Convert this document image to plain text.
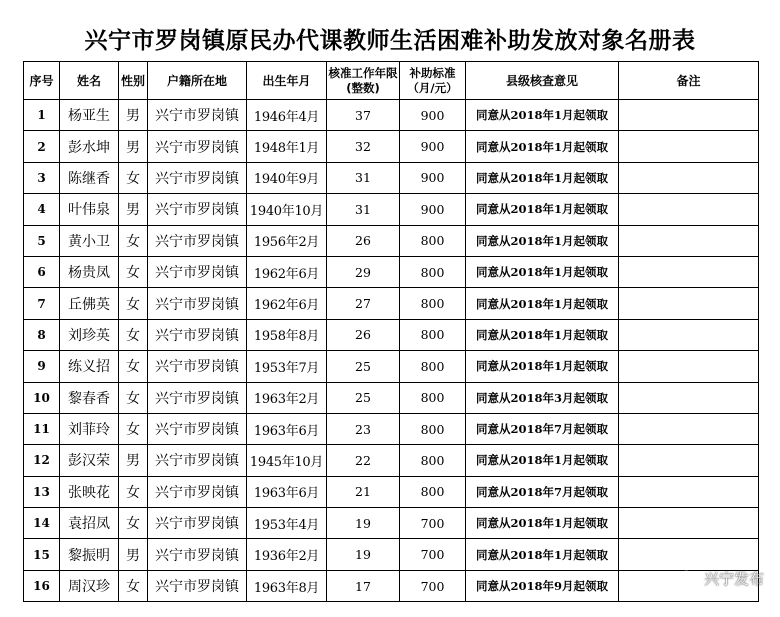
兴宁市罗岗镇原民办代课教师生活困难补助发放对象名册表
序号	姓名	性别	户籍所在地	出生年月	核准工作年限(整数)	补助标准（月/元）	县级核查意见	备注
1	杨亚生	男	兴宁市罗岗镇	1946年4月	37	900	同意从2018年1月起领取	
2	彭水坤	男	兴宁市罗岗镇	1948年1月	32	900	同意从2018年1月起领取	
3	陈继香	女	兴宁市罗岗镇	1940年9月	31	900	同意从2018年1月起领取	
4	叶伟泉	男	兴宁市罗岗镇	1940年10月	31	900	同意从2018年1月起领取	
5	黄小卫	女	兴宁市罗岗镇	1956年2月	26	800	同意从2018年1月起领取	
6	杨贵凤	女	兴宁市罗岗镇	1962年6月	29	800	同意从2018年1月起领取	
7	丘佛英	女	兴宁市罗岗镇	1962年6月	27	800	同意从2018年1月起领取	
8	刘珍英	女	兴宁市罗岗镇	1958年8月	26	800	同意从2018年1月起领取	
9	练义招	女	兴宁市罗岗镇	1953年7月	25	800	同意从2018年1月起领取	
10	黎春香	女	兴宁市罗岗镇	1963年2月	25	800	同意从2018年3月起领取	
11	刘菲玲	女	兴宁市罗岗镇	1963年6月	23	800	同意从2018年7月起领取	
12	彭汉荣	男	兴宁市罗岗镇	1945年10月	22	800	同意从2018年1月起领取	
13	张映花	女	兴宁市罗岗镇	1963年6月	21	800	同意从2018年7月起领取	
14	袁招凤	女	兴宁市罗岗镇	1953年4月	19	700	同意从2018年1月起领取	
15	黎振明	男	兴宁市罗岗镇	1936年2月	19	700	同意从2018年1月起领取	
16	周汉珍	女	兴宁市罗岗镇	1963年8月	17	700	同意从2018年9月起领取		兴宁发布
